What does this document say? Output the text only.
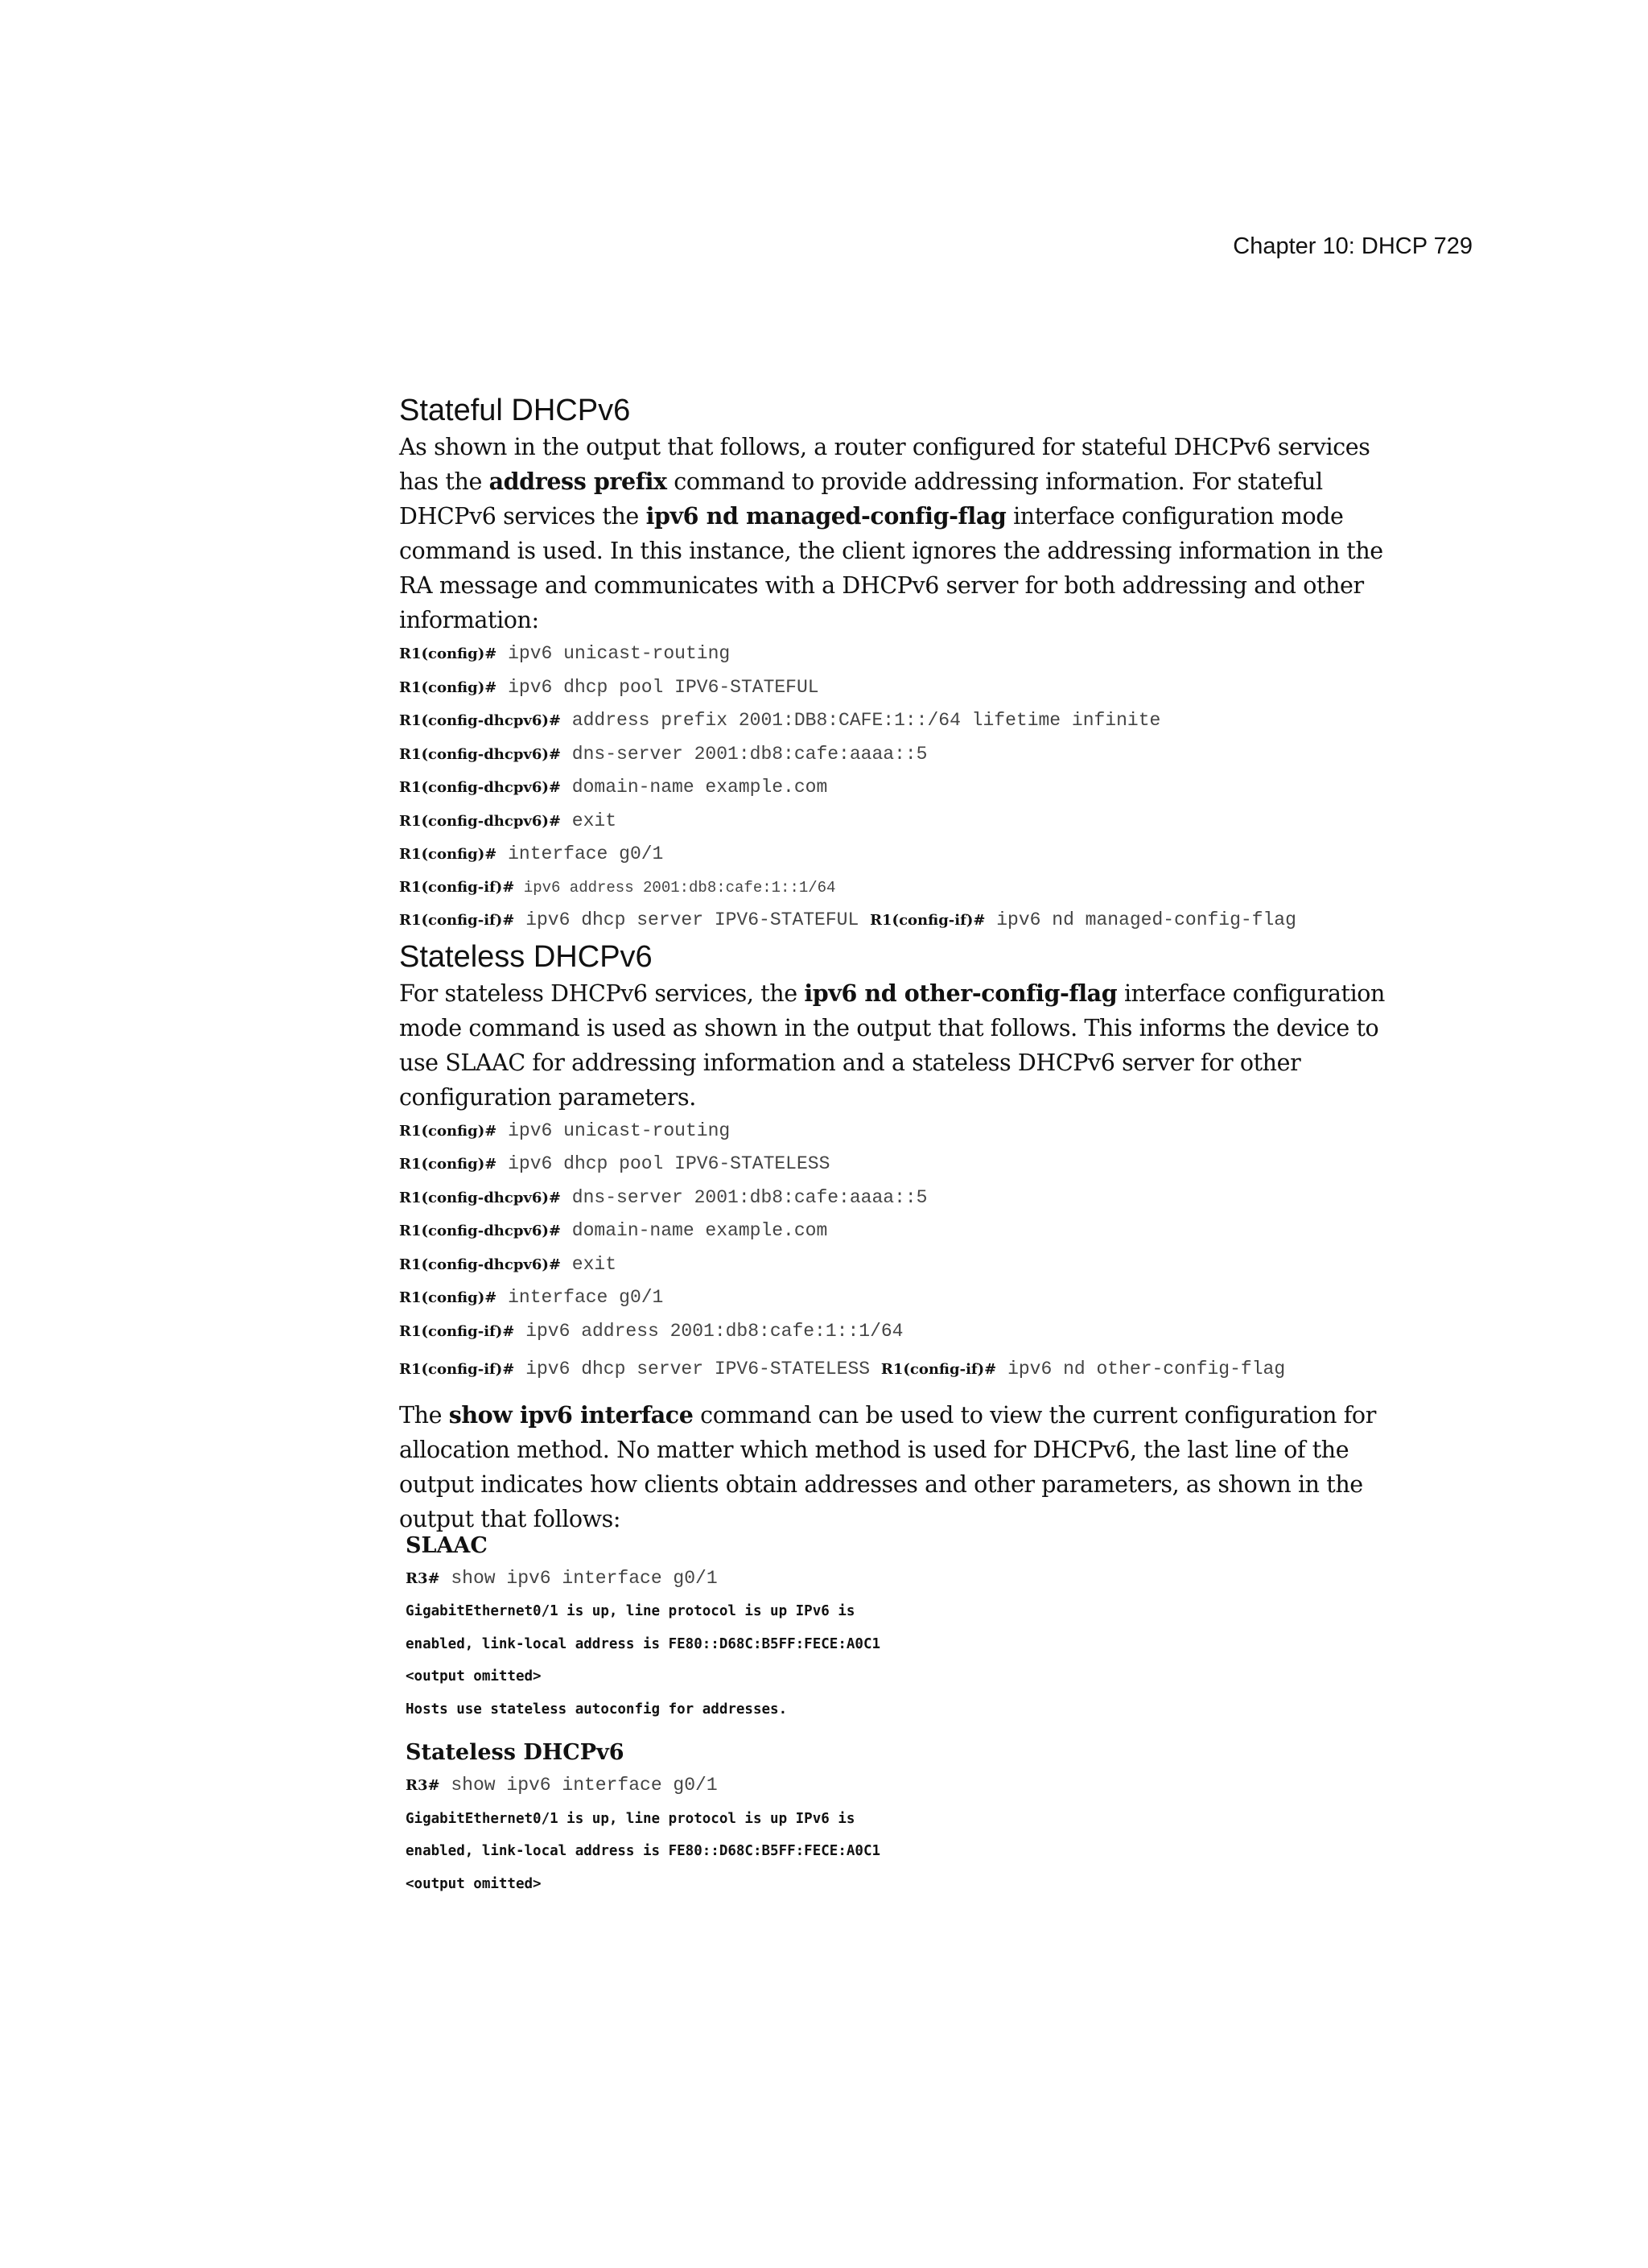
Chapter 10: DHCP 729
Stateful DHCPv6

As shown in the output that follows, a router configured for stateful DHCPv6 services has the address prefix command to provide addressing information. For stateful DHCPv6 services the ipv6 nd managed-config-flag interface configuration mode command is used. In this instance, the client ignores the addressing information in the RA message and communicates with a DHCPv6 server for both addressing and other information:

R1(config)# ipv6 unicast-routing
R1(config)# ipv6 dhcp pool IPV6-STATEFUL
R1(config-dhcpv6)# address prefix 2001:DB8:CAFE:1::/64 lifetime infinite
R1(config-dhcpv6)# dns-server 2001:db8:cafe:aaaa::5
R1(config-dhcpv6)# domain-name example.com
R1(config-dhcpv6)# exit
R1(config)# interface g0/1
R1(config-if)# ipv6 address 2001:db8:cafe:1::1/64
R1(config-if)# ipv6 dhcp server IPV6-STATEFUL R1(config-if)# ipv6 nd managed-config-flag
Stateless DHCPv6

For stateless DHCPv6 services, the ipv6 nd other-config-flag interface configuration mode command is used as shown in the output that follows. This informs the device to use SLAAC for addressing information and a stateless DHCPv6 server for other configuration parameters.

R1(config)# ipv6 unicast-routing
R1(config)# ipv6 dhcp pool IPV6-STATELESS
R1(config-dhcpv6)# dns-server 2001:db8:cafe:aaaa::5
R1(config-dhcpv6)# domain-name example.com
R1(config-dhcpv6)# exit
R1(config)# interface g0/1
R1(config-if)# ipv6 address 2001:db8:cafe:1::1/64
R1(config-if)# ipv6 dhcp server IPV6-STATELESS R1(config-if)# ipv6 nd other-config-flag

The show ipv6 interface command can be used to view the current configuration for allocation method. No matter which method is used for DHCPv6, the last line of the output indicates how clients obtain addresses and other parameters, as shown in the output that follows:

SLAAC

R3# show ipv6 interface g0/1
GigabitEthernet0/1 is up, line protocol is up IPv6 is
enabled, link-local address is FE80::D68C:B5FF:FECE:A0C1
<output omitted>
Hosts use stateless autoconfig for addresses.

Stateless DHCPv6

R3# show ipv6 interface g0/1
GigabitEthernet0/1 is up, line protocol is up IPv6 is
enabled, link-local address is FE80::D68C:B5FF:FECE:A0C1
<output omitted>
